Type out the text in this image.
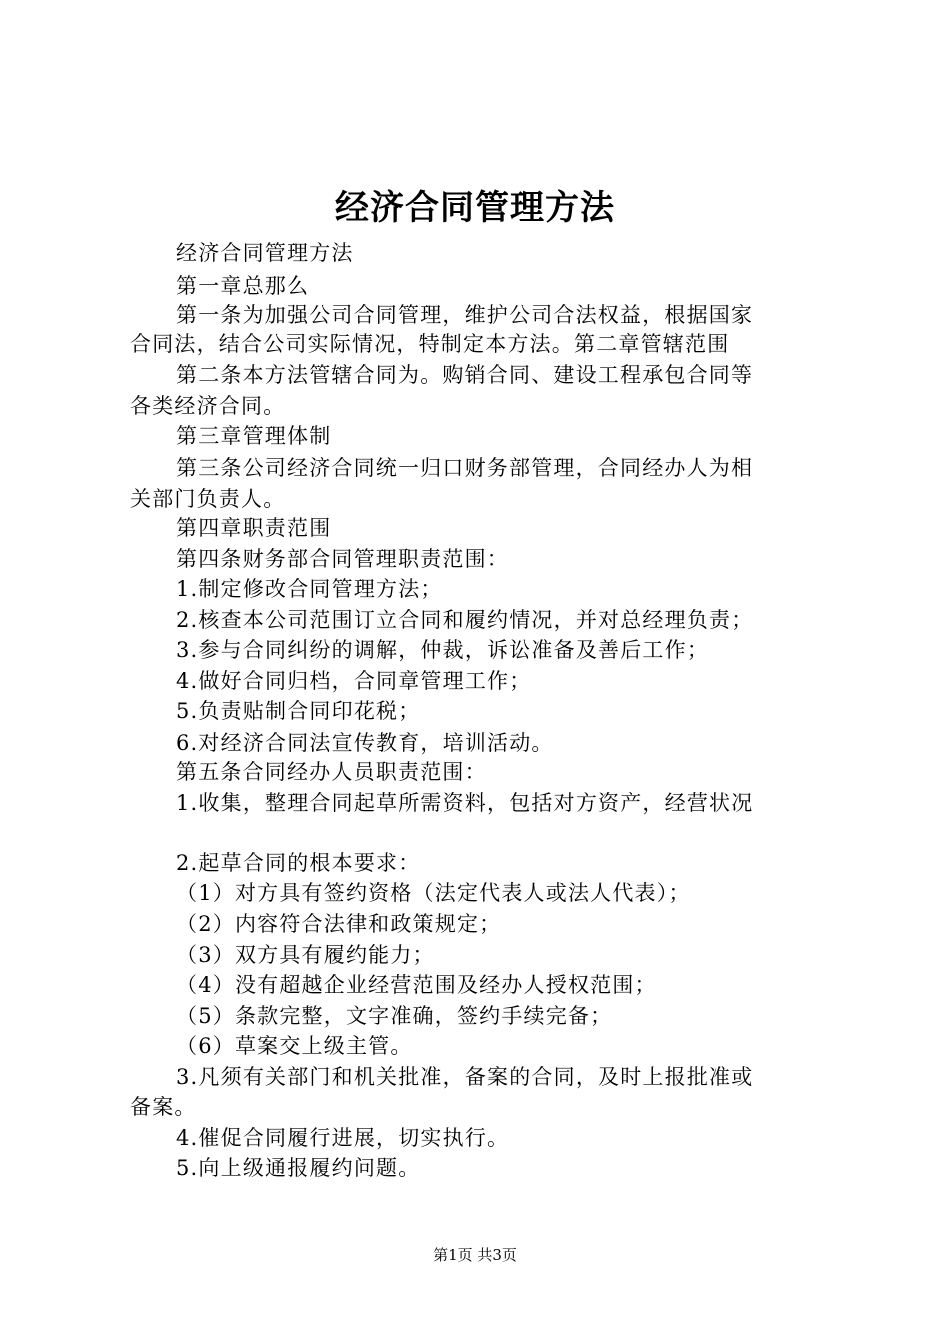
经济合同管理方法
经济合同管理方法
第一章总那么
第一条为加强公司合同管理，维护公司合法权益，根据国家
合同法，结合公司实际情况，特制定本方法。第二章管辖范围
第二条本方法管辖合同为。购销合同、建设工程承包合同等
各类经济合同。
第三章管理体制
第三条公司经济合同统一归口财务部管理，合同经办人为相
关部门负责人。
第四章职责范围
第四条财务部合同管理职责范围：
1.制定修改合同管理方法；
2.核查本公司范围订立合同和履约情况，并对总经理负责；
3.参与合同纠纷的调解，仲裁，诉讼准备及善后工作；
4.做好合同归档，合同章管理工作；
5.负责贴制合同印花税；
6.对经济合同法宣传教育，培训活动。
第五条合同经办人员职责范围：
1.收集，整理合同起草所需资料，包括对方资产，经营状况
2.起草合同的根本要求：
（1）对方具有签约资格（法定代表人或法人代表）；
（2）内容符合法律和政策规定；
（3）双方具有履约能力；
（4）没有超越企业经营范围及经办人授权范围；
（5）条款完整，文字准确，签约手续完备；
（6）草案交上级主管。
3.凡须有关部门和机关批准，备案的合同，及时上报批准或
备案。
4.催促合同履行进展，切实执行。
5.向上级通报履约问题。
第1页 共3页
